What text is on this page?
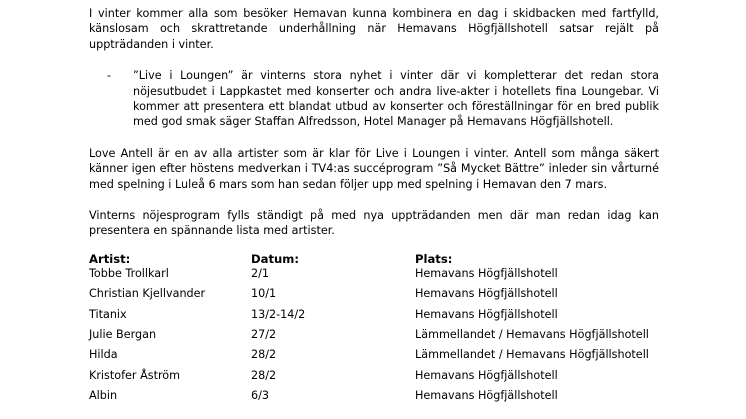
I vinter kommer alla som besöker Hemavan kunna kombinera en dag i skidbacken med fartfylld, känslosam och skrattretande underhållning när Hemavans Högfjällshotell satsar rejält på uppträdanden i vinter.

- ”Live i Loungen” är vinterns stora nyhet i vinter där vi kompletterar det redan stora nöjesutbudet i Lappkastet med konserter och andra live-akter i hotellets fina Loungebar. Vi kommer att presentera ett blandat utbud av konserter och föreställningar för en bred publik med god smak säger Staffan Alfredsson, Hotel Manager på Hemavans Högfjällshotell.

Love Antell är en av alla artister som är klar för Live i Loungen i vinter. Antell som många säkert känner igen efter höstens medverkan i TV4:as succéprogram ”Så Mycket Bättre” inleder sin vårturné med spelning i Luleå 6 mars som han sedan följer upp med spelning i Hemavan den 7 mars.

Vinterns nöjesprogram fylls ständigt på med nya uppträdanden men där man redan idag kan presentera en spännande lista med artister.

Artist:	Datum:	Plats:
Tobbe Trollkarl	2/1	Hemavans Högfjällshotell
Christian Kjellvander	10/1	Hemavans Högfjällshotell
Titanix	13/2-14/2	Hemavans Högfjällshotell
Julie Bergan	27/2	Lämmellandet / Hemavans Högfjällshotell
Hilda	28/2	Lämmellandet / Hemavans Högfjällshotell
Kristofer Åström	28/2	Hemavans Högfjällshotell
Albin	6/3	Hemavans Högfjällshotell
